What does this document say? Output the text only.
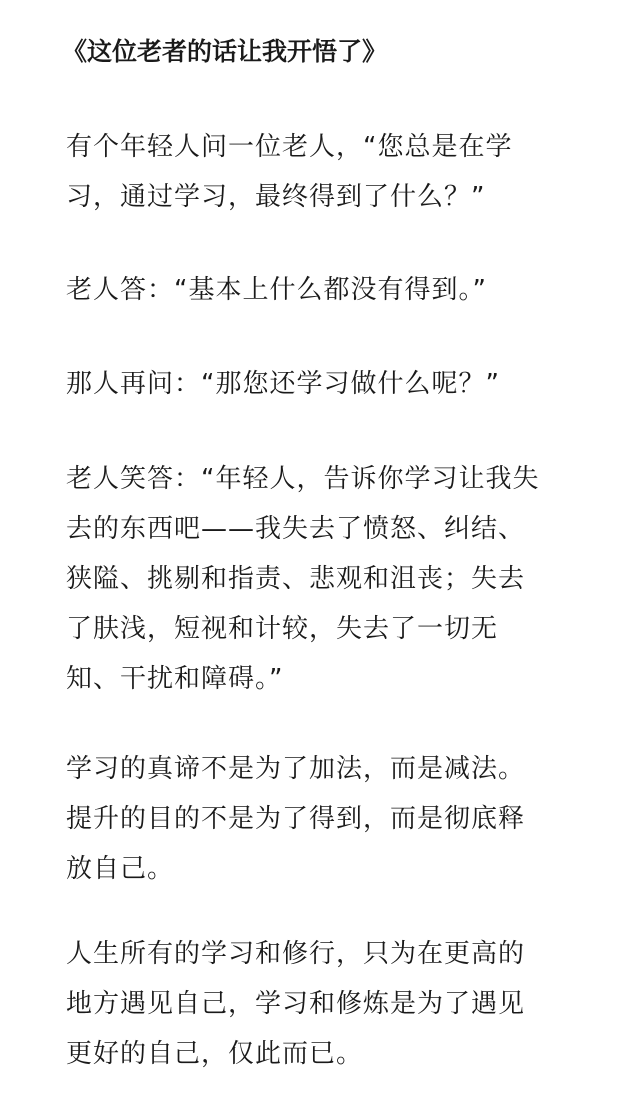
《这位老者的话让我开悟了》
有个年轻人问一位老人，“您总是在学
习，通过学习，最终得到了什么？”
老人答：“基本上什么都没有得到。”
那人再问：“那您还学习做什么呢？”
老人笑答：“年轻人，告诉你学习让我失
去的东西吧——我失去了愤怒、纠结、
狭隘、挑剔和指责、悲观和沮丧；失去
了肤浅，短视和计较，失去了一切无
知、干扰和障碍。”
学习的真谛不是为了加法，而是减法。
提升的目的不是为了得到，而是彻底释
放自己。
人生所有的学习和修行，只为在更高的
地方遇见自己，学习和修炼是为了遇见
更好的自己，仅此而已。
